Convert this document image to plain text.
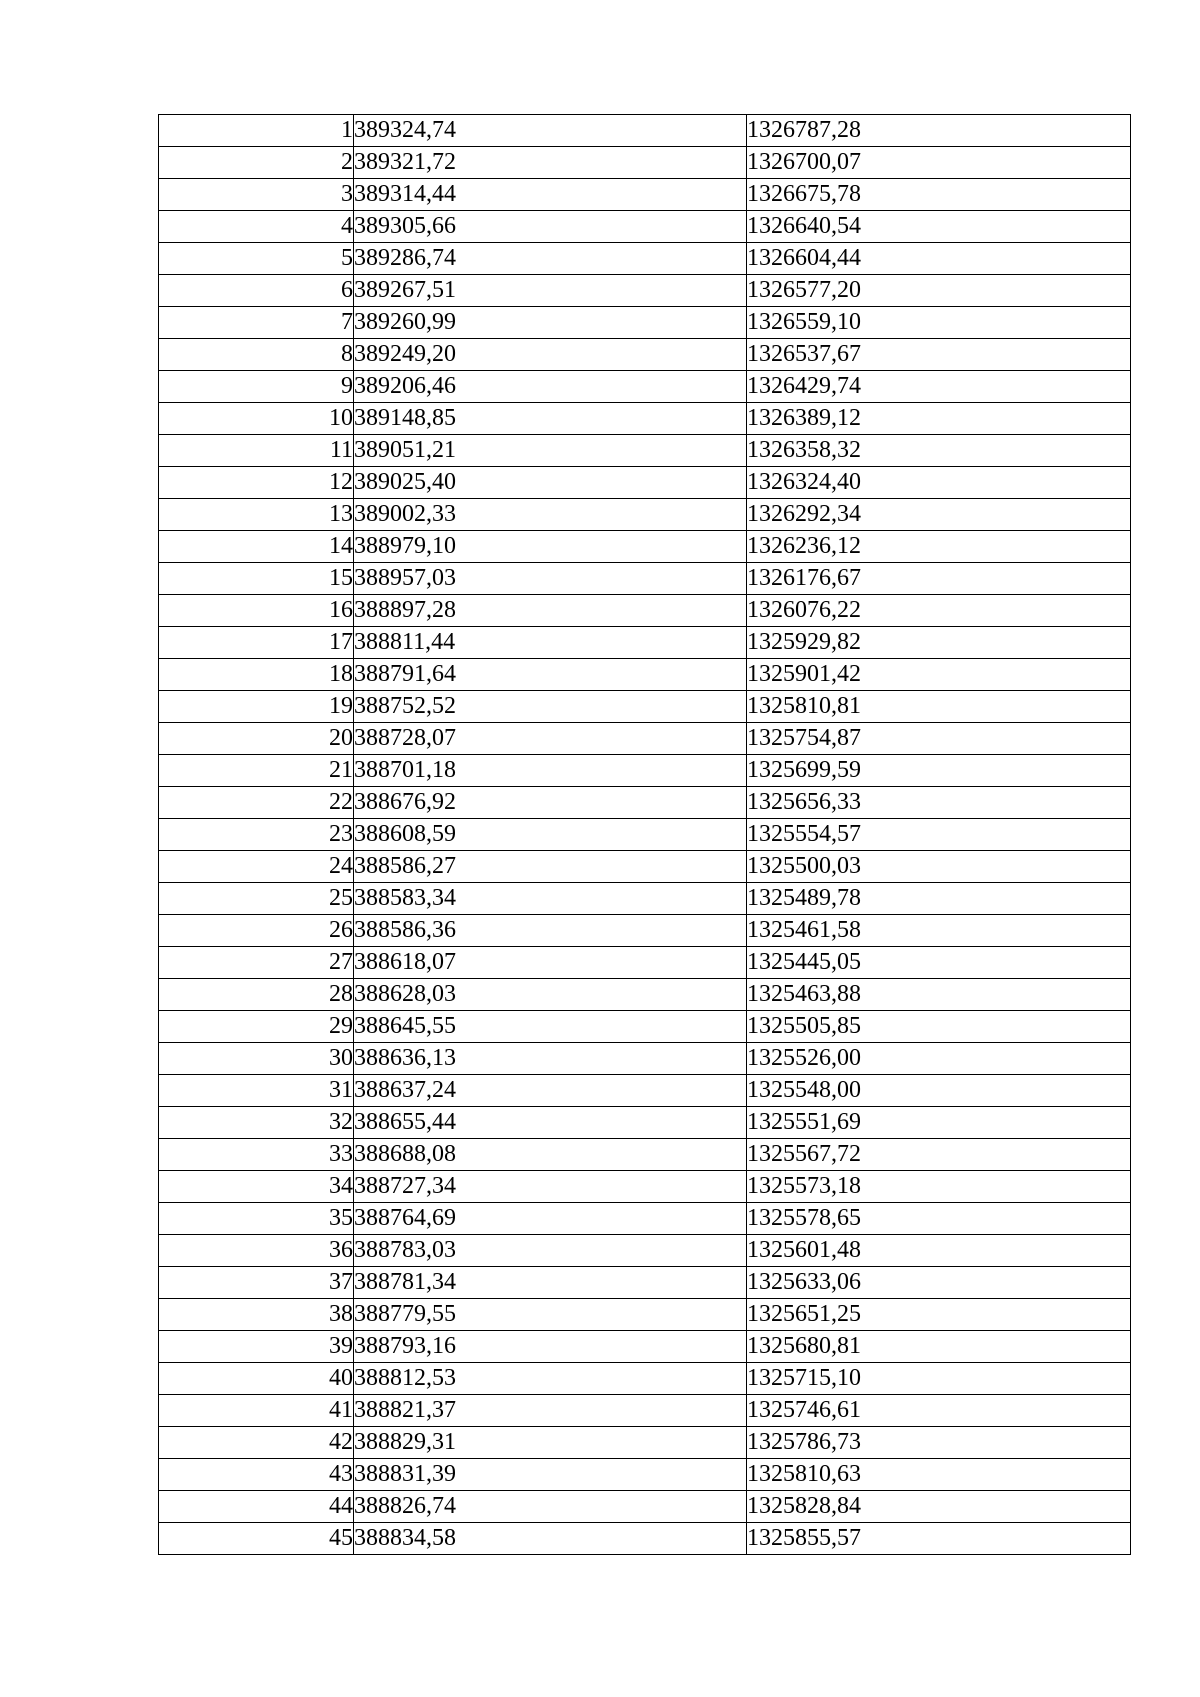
1	389324,74	1326787,28
2	389321,72	1326700,07
3	389314,44	1326675,78
4	389305,66	1326640,54
5	389286,74	1326604,44
6	389267,51	1326577,20
7	389260,99	1326559,10
8	389249,20	1326537,67
9	389206,46	1326429,74
10	389148,85	1326389,12
11	389051,21	1326358,32
12	389025,40	1326324,40
13	389002,33	1326292,34
14	388979,10	1326236,12
15	388957,03	1326176,67
16	388897,28	1326076,22
17	388811,44	1325929,82
18	388791,64	1325901,42
19	388752,52	1325810,81
20	388728,07	1325754,87
21	388701,18	1325699,59
22	388676,92	1325656,33
23	388608,59	1325554,57
24	388586,27	1325500,03
25	388583,34	1325489,78
26	388586,36	1325461,58
27	388618,07	1325445,05
28	388628,03	1325463,88
29	388645,55	1325505,85
30	388636,13	1325526,00
31	388637,24	1325548,00
32	388655,44	1325551,69
33	388688,08	1325567,72
34	388727,34	1325573,18
35	388764,69	1325578,65
36	388783,03	1325601,48
37	388781,34	1325633,06
38	388779,55	1325651,25
39	388793,16	1325680,81
40	388812,53	1325715,10
41	388821,37	1325746,61
42	388829,31	1325786,73
43	388831,39	1325810,63
44	388826,74	1325828,84
45	388834,58	1325855,57
